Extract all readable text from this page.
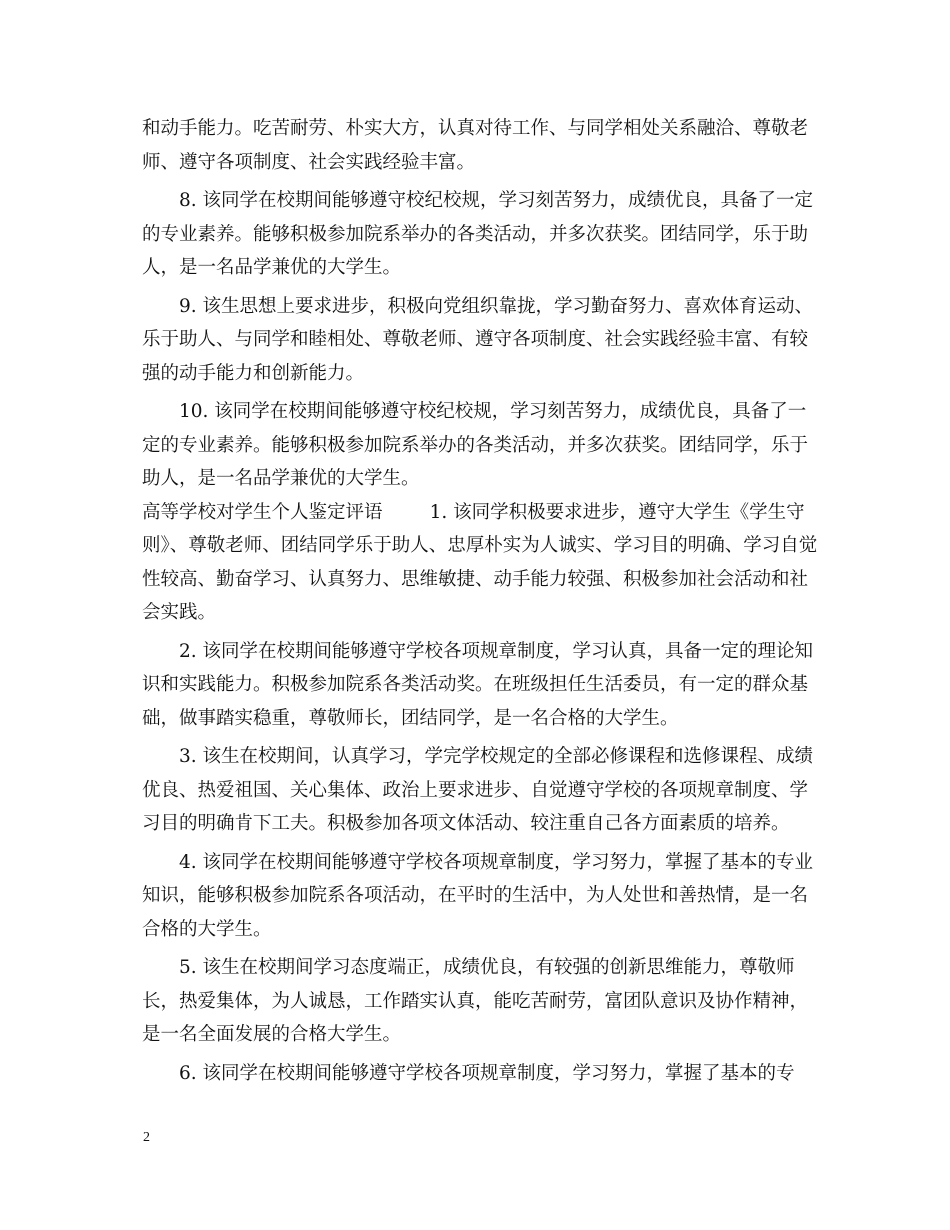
和动手能力。吃苦耐劳、朴实大方，认真对待工作、与同学相处关系融洽、尊敬老师、遵守各项制度、社会实践经验丰富。

8. 该同学在校期间能够遵守校纪校规，学习刻苦努力，成绩优良，具备了一定的专业素养。能够积极参加院系举办的各类活动，并多次获奖。团结同学，乐于助人，是一名品学兼优的大学生。

9. 该生思想上要求进步，积极向党组织靠拢，学习勤奋努力、喜欢体育运动、乐于助人、与同学和睦相处、尊敬老师、遵守各项制度、社会实践经验丰富、有较强的动手能力和创新能力。

10. 该同学在校期间能够遵守校纪校规，学习刻苦努力，成绩优良，具备了一定的专业素养。能够积极参加院系举办的各类活动，并多次获奖。团结同学，乐于助人，是一名品学兼优的大学生。

高等学校对学生个人鉴定评语	1. 该同学积极要求进步，遵守大学生《学生守则》、尊敬老师、团结同学乐于助人、忠厚朴实为人诚实、学习目的明确、学习自觉性较高、勤奋学习、认真努力、思维敏捷、动手能力较强、积极参加社会活动和社会实践。

2. 该同学在校期间能够遵守学校各项规章制度，学习认真，具备一定的理论知识和实践能力。积极参加院系各类活动奖。在班级担任生活委员，有一定的群众基础，做事踏实稳重，尊敬师长，团结同学，是一名合格的大学生。

3. 该生在校期间，认真学习，学完学校规定的全部必修课程和选修课程、成绩优良、热爱祖国、关心集体、政治上要求进步、自觉遵守学校的各项规章制度、学习目的明确肯下工夫。积极参加各项文体活动、较注重自己各方面素质的培养。

4. 该同学在校期间能够遵守学校各项规章制度，学习努力，掌握了基本的专业知识，能够积极参加院系各项活动，在平时的生活中，为人处世和善热情，是一名合格的大学生。

5. 该生在校期间学习态度端正，成绩优良，有较强的创新思维能力，尊敬师长，热爱集体，为人诚恳，工作踏实认真，能吃苦耐劳，富团队意识及协作精神，是一名全面发展的合格大学生。

6. 该同学在校期间能够遵守学校各项规章制度，学习努力，掌握了基本的专

2
